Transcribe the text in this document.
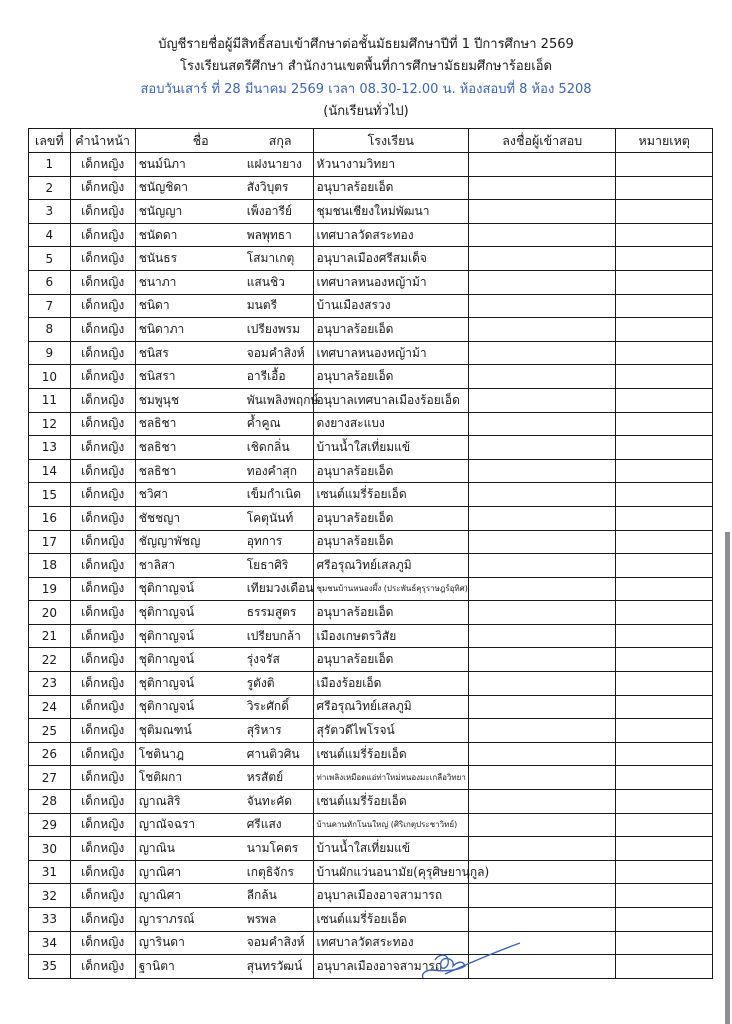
บัญชีรายชื่อผู้มีสิทธิ์สอบเข้าศึกษาต่อชั้นมัธยมศึกษาปีที่ 1 ปีการศึกษา 2569
โรงเรียนสตรีศึกษา สำนักงานเขตพื้นที่การศึกษามัธยมศึกษาร้อยเอ็ด
สอบวันเสาร์ ที่ 28 มีนาคม 2569 เวลา 08.30-12.00 น. ห้องสอบที่ 8 ห้อง 5208
(นักเรียนทั่วไป)
เลขที่	คำนำหน้า	ชื่อ สกุล	โรงเรียน	ลงชื่อผู้เข้าสอบ	หมายเหตุ
1	เด็กหญิง	ชนม์นิภา แฝงนายาง	หัวนางามวิทยา		
2	เด็กหญิง	ชนัญชิดา สังวิบุตร	อนุบาลร้อยเอ็ด		
3	เด็กหญิง	ชนัญญา เพ็งอารีย์	ชุมชนเชียงใหม่พัฒนา		
4	เด็กหญิง	ชนัดดา พลพุทธา	เทศบาลวัดสระทอง		
5	เด็กหญิง	ชนันธร โสมาเกตุ	อนุบาลเมืองศรีสมเด็จ		
6	เด็กหญิง	ชนาภา แสนชิว	เทศบาลหนองหญ้าม้า		
7	เด็กหญิง	ชนิดา มนตรี	บ้านเมืองสรวง		
8	เด็กหญิง	ชนิดาภา เปรียงพรม	อนุบาลร้อยเอ็ด		
9	เด็กหญิง	ชนิสร จอมคำสิงห์	เทศบาลหนองหญ้าม้า		
10	เด็กหญิง	ชนิสรา อารีเอื้อ	อนุบาลร้อยเอ็ด		
11	เด็กหญิง	ชมพูนุช พันเพลิงพฤกษ์	อนุบาลเทศบาลเมืองร้อยเอ็ด		
12	เด็กหญิง	ชลธิชา ค้ำคูณ	ดงยางสะแบง		
13	เด็กหญิง	ชลธิชา เชิดกลิ่น	บ้านน้ำใสเที่ยมแข้		
14	เด็กหญิง	ชลธิชา ทองคำสุก	อนุบาลร้อยเอ็ด		
15	เด็กหญิง	ชวิศา เข็มกำเนิด	เซนต์แมรี่ร้อยเอ็ด		
16	เด็กหญิง	ชัชชญา โคตุนันท์	อนุบาลร้อยเอ็ด		
17	เด็กหญิง	ชัญญาพัชญ อุทการ	อนุบาลร้อยเอ็ด		
18	เด็กหญิง	ชาลิสา โยธาศิริ	ศรีอรุณวิทย์เสลภูมิ		
19	เด็กหญิง	ชุติกาญจน์ เทียมวงเดือน	ชุมชนบ้านหนองผึ้ง (ประพันธ์คุรุราษฎร์อุทิศ)		
20	เด็กหญิง	ชุติกาญจน์ ธรรมสูตร	อนุบาลร้อยเอ็ด		
21	เด็กหญิง	ชุติกาญจน์ เปรียบกล้า	เมืองเกษตรวิสัย		
22	เด็กหญิง	ชุติกาญจน์ รุ่งจรัส	อนุบาลร้อยเอ็ด		
23	เด็กหญิง	ชุติกาญจน์ รูตังติ	เมืองร้อยเอ็ด		
24	เด็กหญิง	ชุติกาญจน์ วิระศักดิ์	ศรีอรุณวิทย์เสลภูมิ		
25	เด็กหญิง	ชุติมณฑน์ สุริหาร	สุรัตวดีไพโรจน์		
26	เด็กหญิง	โชตินาฎ ศานติวศิน	เซนต์แมรี่ร้อยเอ็ด		
27	เด็กหญิง	โชติผกา หรสัตย์	ท่าเพลิงเหมือดแอ่ท่าใหม่หนองมะเกลือวิทยา		
28	เด็กหญิง	ญาณสิริ จันทะคัด	เซนต์แมรี่ร้อยเอ็ด		
29	เด็กหญิง	ญาณัจฉรา ศรีแสง	บ้านคานหักโนนใหญ่ (ศิริเกตุประชาวิทย์)		
30	เด็กหญิง	ญาณิน นามโคตร	บ้านน้ำใสเที่ยมแข้		
31	เด็กหญิง	ญาณิศา เกตุธิจักร	บ้านผักแว่นอนามัย(คุรุศิษยานุกูล)		
32	เด็กหญิง	ญาณิศา ลีกล้น	อนุบาลเมืองอาจสามารถ		
33	เด็กหญิง	ญาราภรณ์ พรพล	เซนต์แมรี่ร้อยเอ็ด		
34	เด็กหญิง	ญารินดา จอมคำสิงห์	เทศบาลวัดสระทอง		
35	เด็กหญิง	ฐานิตา สุนทรวัฒน์	อนุบาลเมืองอาจสามารถ		
